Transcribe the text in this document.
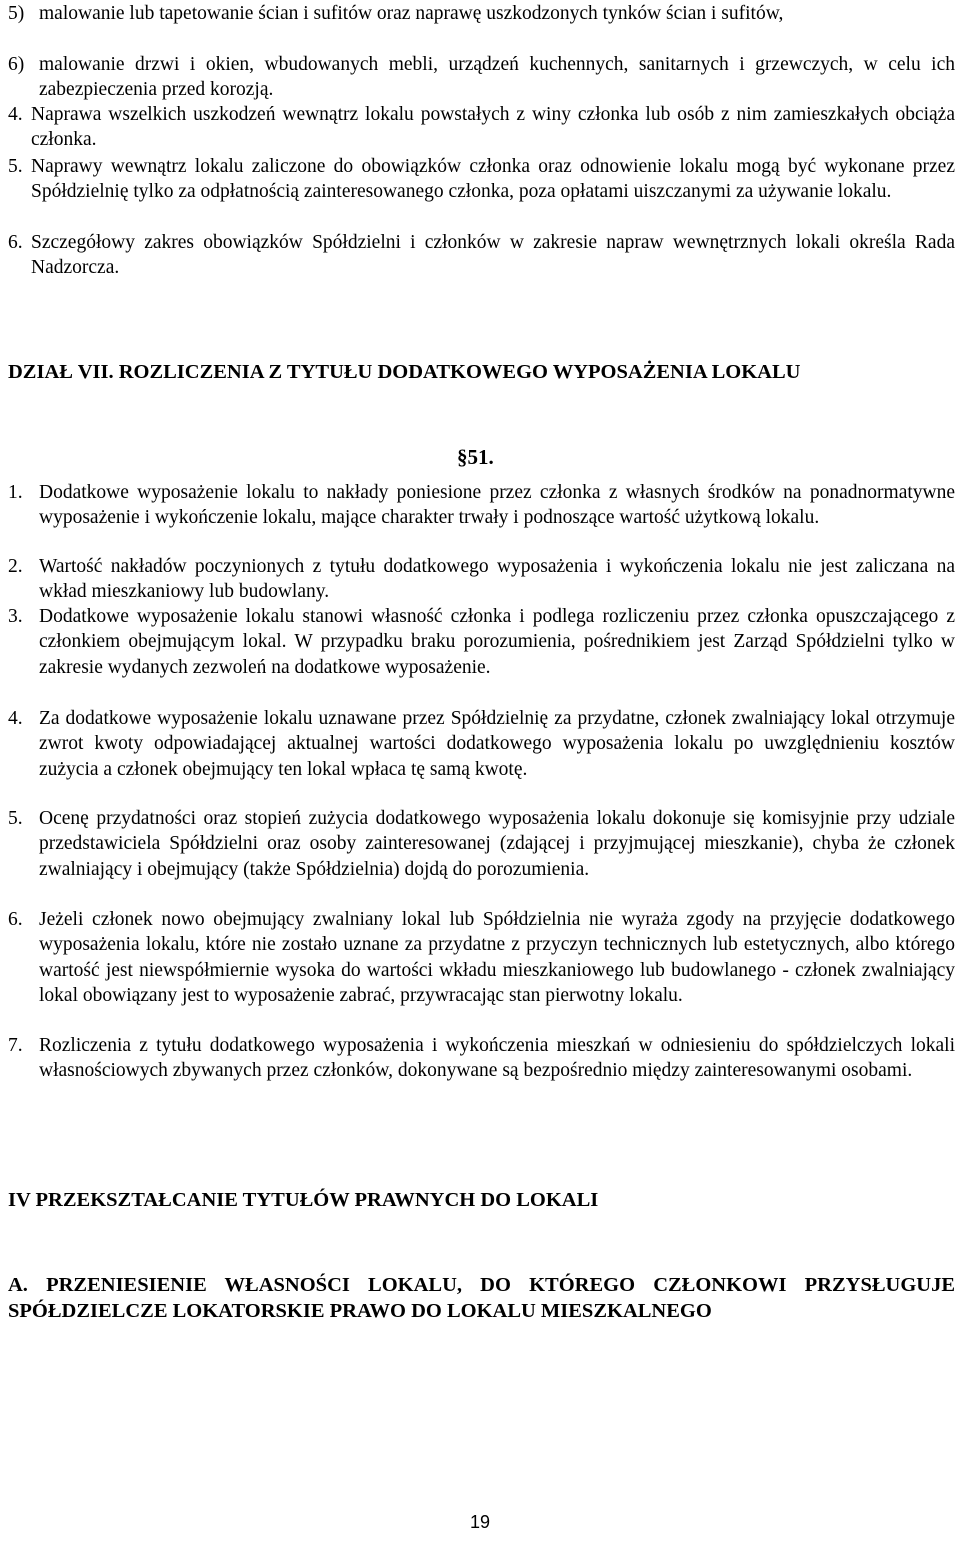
5) malowanie lub tapetowanie ścian i sufitów oraz naprawę uszkodzonych tynków ścian i sufitów,
6) malowanie drzwi i okien, wbudowanych mebli, urządzeń kuchennych, sanitarnych i grzewczych, w celu ich zabezpieczenia przed korozją.
4. Naprawa wszelkich uszkodzeń wewnątrz lokalu powstałych z winy członka lub osób z nim zamieszkałych obciąża członka.
5. Naprawy wewnątrz lokalu zaliczone do obowiązków członka oraz odnowienie lokalu mogą być wykonane przez Spółdzielnię tylko za odpłatnością zainteresowanego członka, poza opłatami uiszczanymi za używanie lokalu.
6. Szczegółowy zakres obowiązków Spółdzielni i członków w zakresie napraw wewnętrznych lokali określa Rada Nadzorcza.
DZIAŁ VII. ROZLICZENIA Z TYTUŁU DODATKOWEGO WYPOSAŻENIA LOKALU
§51.
1. Dodatkowe wyposażenie lokalu to nakłady poniesione przez członka z własnych środków na ponadnormatywne wyposażenie i wykończenie lokalu, mające charakter trwały i podnoszące wartość użytkową lokalu.
2. Wartość nakładów poczynionych z tytułu dodatkowego wyposażenia i wykończenia lokalu nie jest zaliczana na wkład mieszkaniowy lub budowlany.
3. Dodatkowe wyposażenie lokalu stanowi własność członka i podlega rozliczeniu przez członka opuszczającego z członkiem obejmującym lokal. W przypadku braku porozumienia, pośrednikiem jest Zarząd Spółdzielni tylko w zakresie wydanych zezwoleń na dodatkowe wyposażenie.
4. Za dodatkowe wyposażenie lokalu uznawane przez Spółdzielnię za przydatne, członek zwalniający lokal otrzymuje zwrot kwoty odpowiadającej aktualnej wartości dodatkowego wyposażenia lokalu po uwzględnieniu kosztów zużycia a członek obejmujący ten lokal wpłaca tę samą kwotę.
5. Ocenę przydatności oraz stopień zużycia dodatkowego wyposażenia lokalu dokonuje się komisyjnie przy udziale przedstawiciela Spółdzielni oraz osoby zainteresowanej (zdającej i przyjmującej mieszkanie), chyba że członek zwalniający i obejmujący (także Spółdzielnia) dojdą do porozumienia.
6. Jeżeli członek nowo obejmujący zwalniany lokal lub Spółdzielnia nie wyraża zgody na przyjęcie dodatkowego wyposażenia lokalu, które nie zostało uznane za przydatne z przyczyn technicznych lub estetycznych, albo którego wartość jest niewspółmiernie wysoka do wartości wkładu mieszkaniowego lub budowlanego - członek zwalniający lokal obowiązany jest to wyposażenie zabrać, przywracając stan pierwotny lokalu.
7. Rozliczenia z tytułu dodatkowego wyposażenia i wykończenia mieszkań w odniesieniu do spółdzielczych lokali własnościowych zbywanych przez członków, dokonywane są bezpośrednio między zainteresowanymi osobami.
IV PRZEKSZTAŁCANIE TYTUŁÓW PRAWNYCH DO LOKALI
A. PRZENIESIENIE WŁASNOŚCI LOKALU, DO KTÓREGO CZŁONKOWI PRZYSŁUGUJE SPÓŁDZIELCZE LOKATORSKIE PRAWO DO LOKALU MIESZKALNEGO
19
